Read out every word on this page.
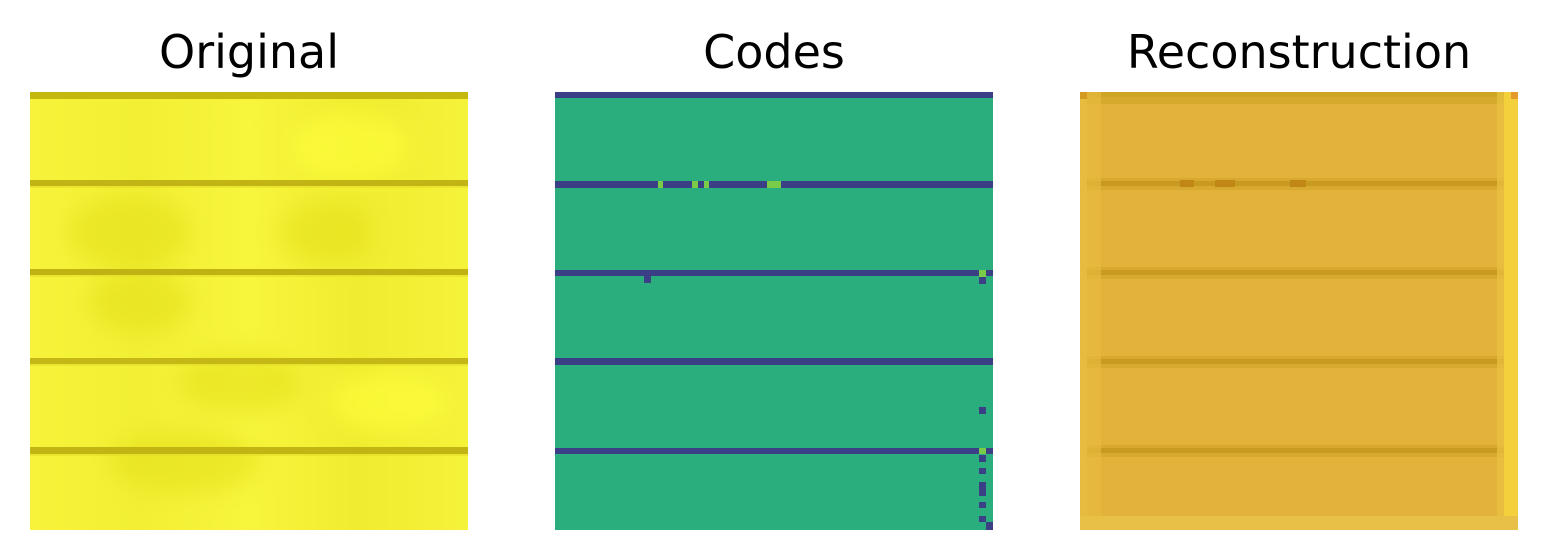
Original	Codes	Reconstruction
